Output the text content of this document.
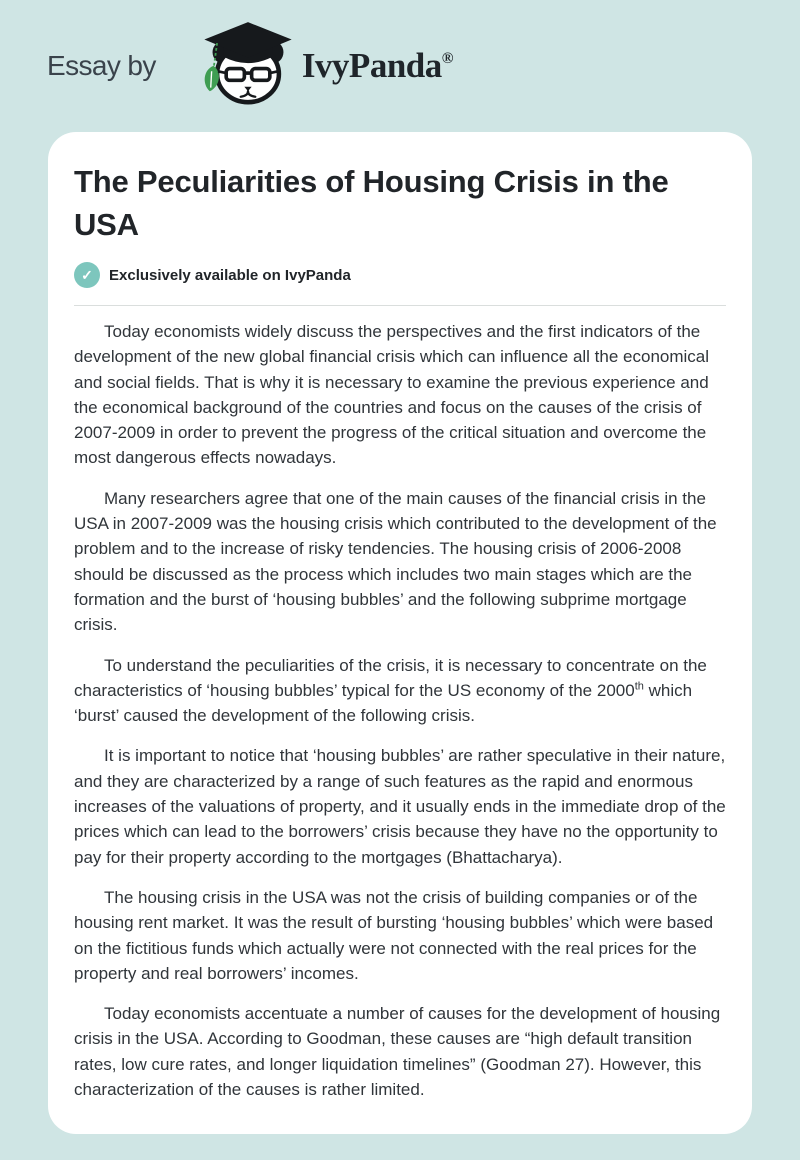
Essay by	IvyPanda®
The Peculiarities of Housing Crisis in the USA
✓	Exclusively available on IvyPanda

Today economists widely discuss the perspectives and the first indicators of the development of the new global financial crisis which can influence all the economical and social fields. That is why it is necessary to examine the previous experience and the economical background of the countries and focus on the causes of the crisis of 2007-2009 in order to prevent the progress of the critical situation and overcome the most dangerous effects nowadays.

Many researchers agree that one of the main causes of the financial crisis in the USA in 2007-2009 was the housing crisis which contributed to the development of the problem and to the increase of risky tendencies. The housing crisis of 2006-2008 should be discussed as the process which includes two main stages which are the formation and the burst of ‘housing bubbles’ and the following subprime mortgage crisis.

To understand the peculiarities of the crisis, it is necessary to concentrate on the characteristics of ‘housing bubbles’ typical for the US economy of the 2000th which ‘burst’ caused the development of the following crisis.

It is important to notice that ‘housing bubbles’ are rather speculative in their nature, and they are characterized by a range of such features as the rapid and enormous increases of the valuations of property, and it usually ends in the immediate drop of the prices which can lead to the borrowers’ crisis because they have no the opportunity to pay for their property according to the mortgages (Bhattacharya).

The housing crisis in the USA was not the crisis of building companies or of the housing rent market. It was the result of bursting ‘housing bubbles’ which were based on the fictitious funds which actually were not connected with the real prices for the property and real borrowers’ incomes.

Today economists accentuate a number of causes for the development of housing crisis in the USA. According to Goodman, these causes are “high default transition rates, low cure rates, and longer liquidation timelines” (Goodman 27). However, this characterization of the causes is rather limited.
